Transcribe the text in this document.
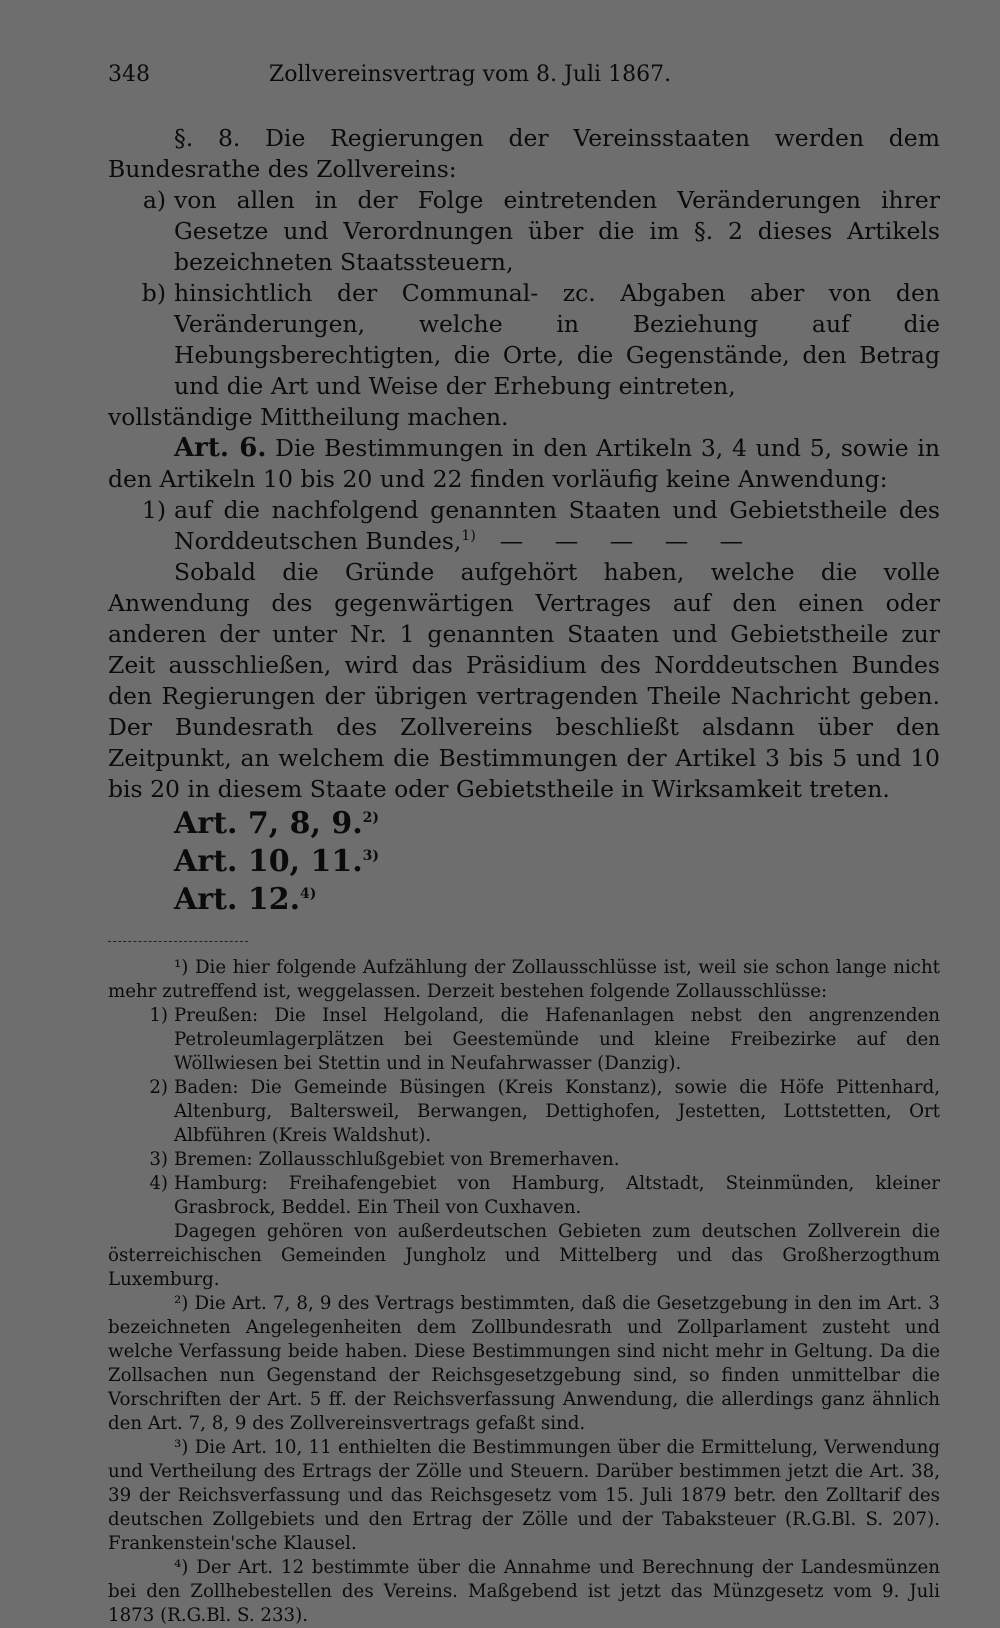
348	Zollvereinsvertrag vom 8. Juli 1867.

§. 8. Die Regierungen der Vereinsstaaten werden dem Bundesrathe des Zollvereins:

a) von allen in der Folge eintretenden Veränderungen ihrer Gesetze und Verordnungen über die im §. 2 dieses Artikels bezeichneten Staatssteuern,
b) hinsichtlich der Communal- zc. Abgaben aber von den Veränderungen, welche in Beziehung auf die Hebungsberechtigten, die Orte, die Gegenstände, den Betrag und die Art und Weise der Erhebung eintreten,

vollständige Mittheilung machen.

Art. 6. Die Bestimmungen in den Artikeln 3, 4 und 5, sowie in den Artikeln 10 bis 20 und 22 finden vorläufig keine Anwendung:

1) auf die nachfolgend genannten Staaten und Gebietstheile des Norddeutschen Bundes,$^{1)}$ — — — — —

Sobald die Gründe aufgehört haben, welche die volle Anwendung des gegenwärtigen Vertrages auf den einen oder anderen der unter Nr. 1 genannten Staaten und Gebietstheile zur Zeit ausschließen, wird das Präsidium des Norddeutschen Bundes den Regierungen der übrigen vertragenden Theile Nachricht geben. Der Bundesrath des Zollvereins beschließt alsdann über den Zeitpunkt, an welchem die Bestimmungen der Artikel 3 bis 5 und 10 bis 20 in diesem Staate oder Gebietstheile in Wirksamkeit treten.

Art. 7, 8, 9.$^{2)}$
Art. 10, 11.$^{3)}$
Art. 12.$^{4)}$

¹) Die hier folgende Aufzählung der Zollausschlüsse ist, weil sie schon lange nicht mehr zutreffend ist, weggelassen. Derzeit bestehen folgende Zollausschlüsse:

1) Preußen: Die Insel Helgoland, die Hafenanlagen nebst den angrenzenden Petroleumlagerplätzen bei Geestemünde und kleine Freibezirke auf den Wöllwiesen bei Stettin und in Neufahrwasser (Danzig).
2) Baden: Die Gemeinde Büsingen (Kreis Konstanz), sowie die Höfe Pittenhard, Altenburg, Baltersweil, Berwangen, Dettighofen, Jestetten, Lottstetten, Ort Albführen (Kreis Waldshut).
3) Bremen: Zollausschlußgebiet von Bremerhaven.
4) Hamburg: Freihafengebiet von Hamburg, Altstadt, Steinmünden, kleiner Grasbrock, Beddel. Ein Theil von Cuxhaven.

Dagegen gehören von außerdeutschen Gebieten zum deutschen Zollverein die österreichischen Gemeinden Jungholz und Mittelberg und das Großherzogthum Luxemburg.

²) Die Art. 7, 8, 9 des Vertrags bestimmten, daß die Gesetzgebung in den im Art. 3 bezeichneten Angelegenheiten dem Zollbundesrath und Zollparlament zusteht und welche Verfassung beide haben. Diese Bestimmungen sind nicht mehr in Geltung. Da die Zollsachen nun Gegenstand der Reichsgesetzgebung sind, so finden unmittelbar die Vorschriften der Art. 5 ff. der Reichsverfassung Anwendung, die allerdings ganz ähnlich den Art. 7, 8, 9 des Zollvereinsvertrags gefaßt sind.

³) Die Art. 10, 11 enthielten die Bestimmungen über die Ermittelung, Verwendung und Vertheilung des Ertrags der Zölle und Steuern. Darüber bestimmen jetzt die Art. 38, 39 der Reichsverfassung und das Reichsgesetz vom 15. Juli 1879 betr. den Zolltarif des deutschen Zollgebiets und den Ertrag der Zölle und der Tabaksteuer (R.G.Bl. S. 207). Frankenstein'sche Klausel.

⁴) Der Art. 12 bestimmte über die Annahme und Berechnung der Landesmünzen bei den Zollhebestellen des Vereins. Maßgebend ist jetzt das Münzgesetz vom 9. Juli 1873 (R.G.Bl. S. 233).
